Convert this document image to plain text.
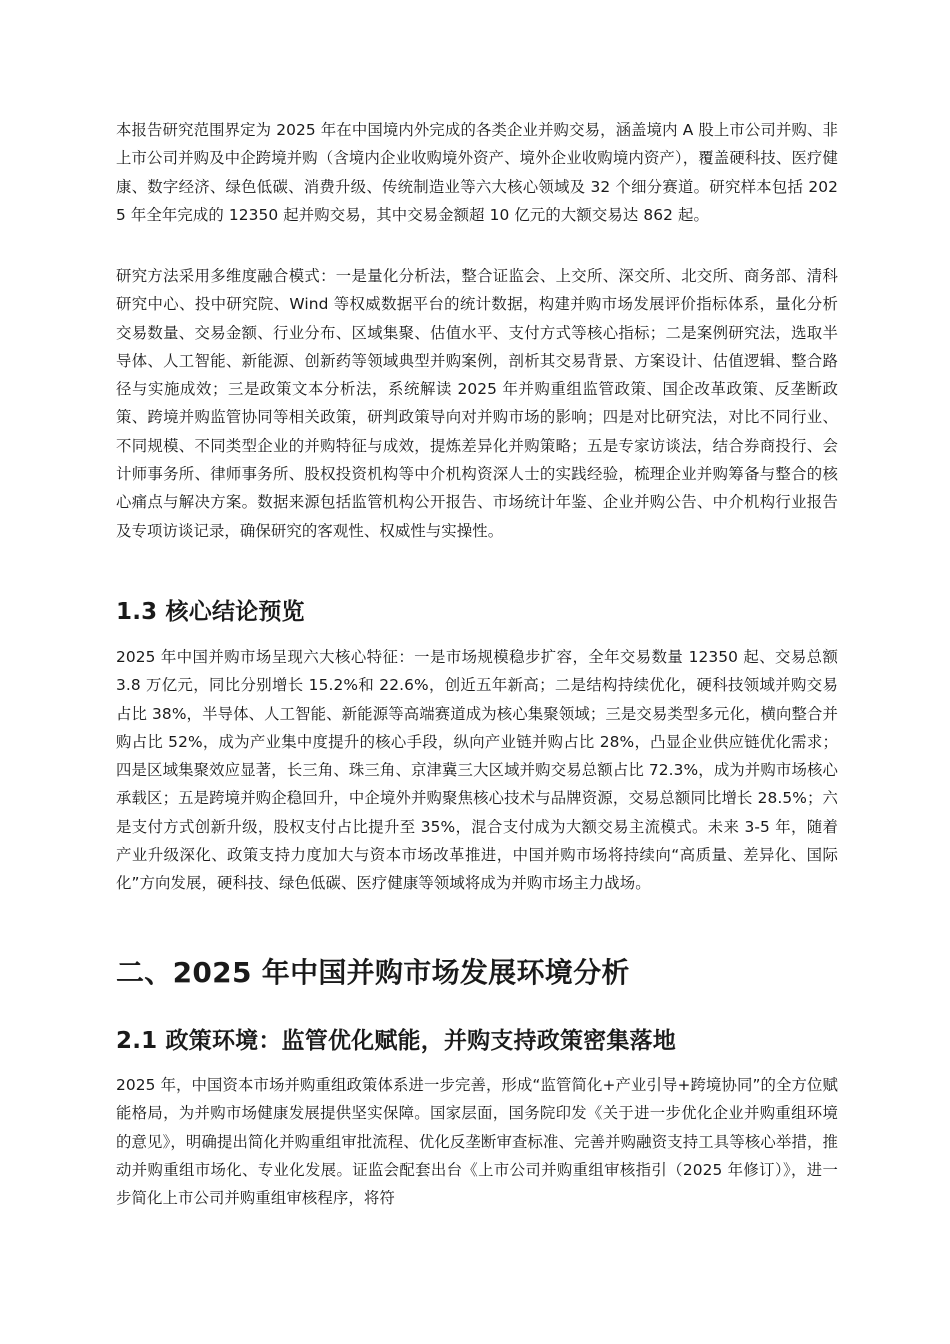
本报告研究范围界定为 2025 年在中国境内外完成的各类企业并购交易，涵盖境内 A 股上市公司并购、非上市公司并购及中企跨境并购（含境内企业收购境外资产、境外企业收购境内资产），覆盖硬科技、医疗健康、数字经济、绿色低碳、消费升级、传统制造业等六大核心领域及 32 个细分赛道。研究样本包括 2025 年全年完成的 12350 起并购交易，其中交易金额超 10 亿元的大额交易达 862 起。

研究方法采用多维度融合模式：一是量化分析法，整合证监会、上交所、深交所、北交所、商务部、清科研究中心、投中研究院、Wind 等权威数据平台的统计数据，构建并购市场发展评价指标体系，量化分析交易数量、交易金额、行业分布、区域集聚、估值水平、支付方式等核心指标；二是案例研究法，选取半导体、人工智能、新能源、创新药等领域典型并购案例，剖析其交易背景、方案设计、估值逻辑、整合路径与实施成效；三是政策文本分析法，系统解读 2025 年并购重组监管政策、国企改革政策、反垄断政策、跨境并购监管协同等相关政策，研判政策导向对并购市场的影响；四是对比研究法，对比不同行业、不同规模、不同类型企业的并购特征与成效，提炼差异化并购策略；五是专家访谈法，结合券商投行、会计师事务所、律师事务所、股权投资机构等中介机构资深人士的实践经验，梳理企业并购筹备与整合的核心痛点与解决方案。数据来源包括监管机构公开报告、市场统计年鉴、企业并购公告、中介机构行业报告及专项访谈记录，确保研究的客观性、权威性与实操性。

1.3 核心结论预览

2025 年中国并购市场呈现六大核心特征：一是市场规模稳步扩容，全年交易数量 12350 起、交易总额 3.8 万亿元，同比分别增长 15.2%和 22.6%，创近五年新高；二是结构持续优化，硬科技领域并购交易占比 38%，半导体、人工智能、新能源等高端赛道成为核心集聚领域；三是交易类型多元化，横向整合并购占比 52%，成为产业集中度提升的核心手段，纵向产业链并购占比 28%，凸显企业供应链优化需求；四是区域集聚效应显著，长三角、珠三角、京津冀三大区域并购交易总额占比 72.3%，成为并购市场核心承载区；五是跨境并购企稳回升，中企境外并购聚焦核心技术与品牌资源，交易总额同比增长 28.5%；六是支付方式创新升级，股权支付占比提升至 35%，混合支付成为大额交易主流模式。未来 3-5 年，随着产业升级深化、政策支持力度加大与资本市场改革推进，中国并购市场将持续向“高质量、差异化、国际化”方向发展，硬科技、绿色低碳、医疗健康等领域将成为并购市场主力战场。

二、2025 年中国并购市场发展环境分析
2.1 政策环境：监管优化赋能，并购支持政策密集落地

2025 年，中国资本市场并购重组政策体系进一步完善，形成“监管简化+产业引导+跨境协同”的全方位赋能格局，为并购市场健康发展提供坚实保障。国家层面，国务院印发《关于进一步优化企业并购重组环境的意见》，明确提出简化并购重组审批流程、优化反垄断审查标准、完善并购融资支持工具等核心举措，推动并购重组市场化、专业化发展。证监会配套出台《上市公司并购重组审核指引（2025 年修订）》，进一步简化上市公司并购重组审核程序，将符
